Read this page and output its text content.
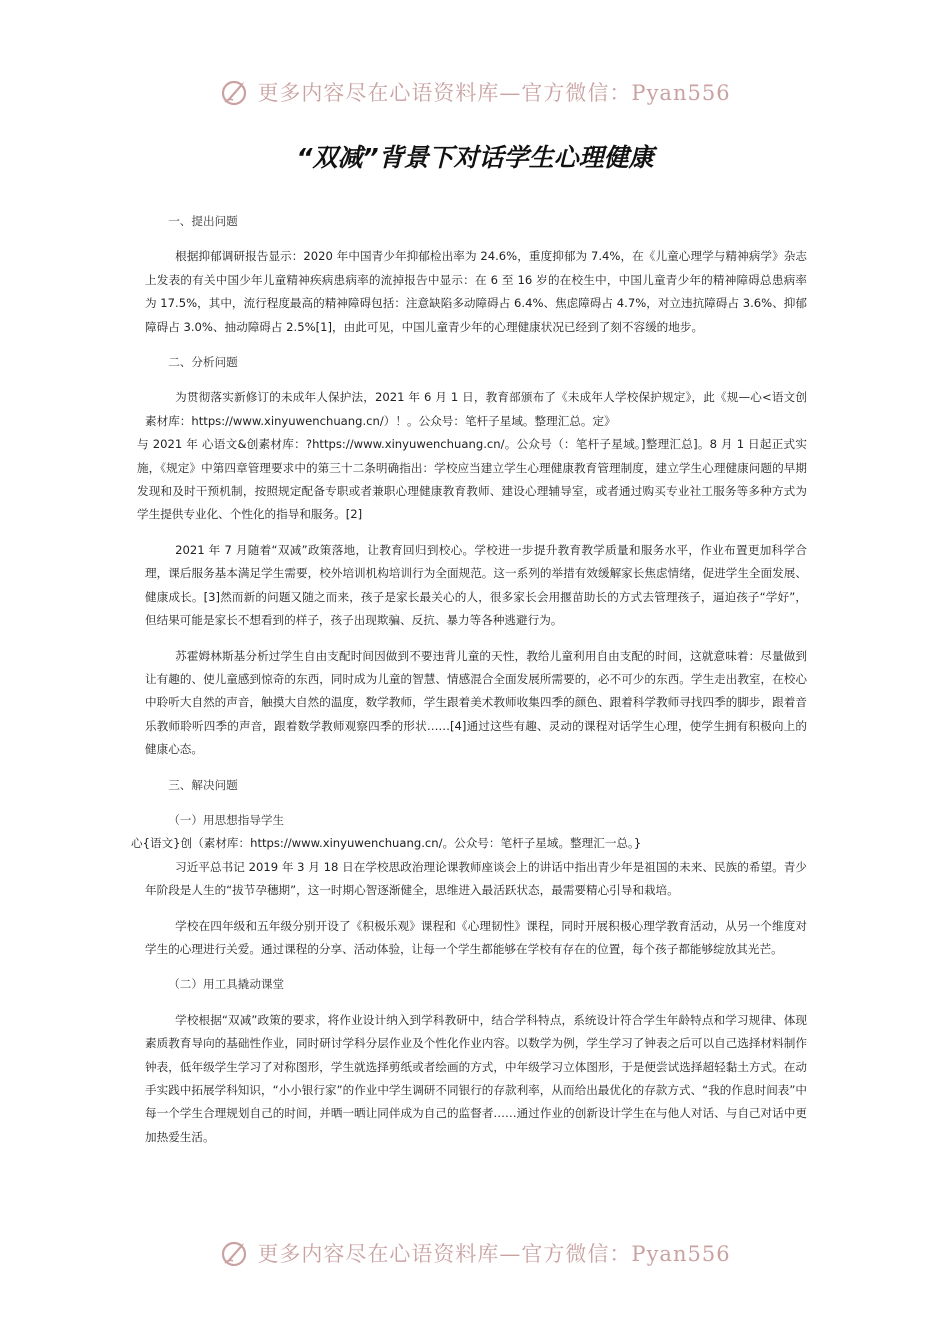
更多内容尽在心语资料库—官方微信：Pyan556
“双减”背景下对话学生心理健康

一、提出问题

根据抑郁调研报告显示：2020 年中国青少年抑郁检出率为 24.6%，重度抑郁为 7.4%，在《儿童心理学与精神病学》杂志上发表的有关中国少年儿童精神疾病患病率的流掉报告中显示：在 6 至 16 岁的在校生中，中国儿童青少年的精神障碍总患病率为 17.5%，其中，流行程度最高的精神障碍包括：注意缺陷多动障碍占 6.4%、焦虑障碍占 4.7%，对立违抗障碍占 3.6%、抑郁障碍占 3.0%、抽动障碍占 2.5%[1]，由此可见，中国儿童青少年的心理健康状况已经到了刻不容缓的地步。

二、分析问题

为贯彻落实新修订的未成年人保护法，2021 年 6 月 1 日，教育部颁布了《未成年人学校保护规定》，此《规—心<语文创素材库：https://www.xinyuwenchuang.cn/）！。公众号：笔杆子星域。整理汇总。定》

与 2021 年 心语文&创素材库：?https://www.xinyuwenchuang.cn/。公众号（：笔杆子星域。]整理汇总]。8 月 1 日起正式实施，《规定》中第四章管理要求中的第三十二条明确指出：学校应当建立学生心理健康教育管理制度，建立学生心理健康问题的早期发现和及时干预机制，按照规定配备专职或者兼职心理健康教育教师、建设心理辅导室，或者通过购买专业社工服务等多种方式为学生提供专业化、个性化的指导和服务。[2]

2021 年 7 月随着“双减”政策落地，让教育回归到校心。学校进一步提升教育教学质量和服务水平，作业布置更加科学合理，课后服务基本满足学生需要，校外培训机构培训行为全面规范。这一系列的举措有效缓解家长焦虑情绪，促进学生全面发展、健康成长。[3]然而新的问题又随之而来，孩子是家长最关心的人，很多家长会用揠苗助长的方式去管理孩子，逼迫孩子“学好”，但结果可能是家长不想看到的样子，孩子出现欺骗、反抗、暴力等各种逃避行为。

苏霍姆林斯基分析过学生自由支配时间因做到不要违背儿童的天性，教给儿童利用自由支配的时间，这就意味着：尽量做到让有趣的、使儿童感到惊奇的东西，同时成为儿童的智慧、情感混合全面发展所需要的，必不可少的东西。学生走出教室，在校心中聆听大自然的声音，触摸大自然的温度，数学教师，学生跟着美术教师收集四季的颜色、跟着科学教师寻找四季的脚步，跟着音乐教师聆听四季的声音，跟着数学教师观察四季的形状……[4]通过这些有趣、灵动的课程对话学生心理，使学生拥有积极向上的健康心态。

三、解决问题

（一）用思想指导学生

心{语文}创（素材库：https://www.xinyuwenchuang.cn/。公众号：笔杆子星域。整理汇一总。}

习近平总书记 2019 年 3 月 18 日在学校思政治理论课教师座谈会上的讲话中指出青少年是祖国的未来、民族的希望。青少年阶段是人生的“拔节孕穗期”，这一时期心智逐渐健全，思维进入最活跃状态，最需要精心引导和栽培。

学校在四年级和五年级分别开设了《积极乐观》课程和《心理韧性》课程，同时开展积极心理学教育活动，从另一个维度对学生的心理进行关爱。通过课程的分享、活动体验，让每一个学生都能够在学校有存在的位置，每个孩子都能够绽放其光芒。

（二）用工具撬动课堂

学校根据“双减”政策的要求，将作业设计纳入到学科教研中，结合学科特点，系统设计符合学生年龄特点和学习规律、体现素质教育导向的基础性作业，同时研讨学科分层作业及个性化作业内容。以数学为例，学生学习了钟表之后可以自己选择材料制作钟表，低年级学生学习了对称图形，学生就选择剪纸或者绘画的方式，中年级学习立体图形，于是便尝试选择超轻黏土方式。在动手实践中拓展学科知识，“小小银行家”的作业中学生调研不同银行的存款利率，从而给出最优化的存款方式、“我的作息时间表”中每一个学生合理规划自己的时间，并晒一晒让同伴成为自己的监督者……通过作业的创新设计学生在与他人对话、与自己对话中更加热爱生活。

更多内容尽在心语资料库—官方微信：Pyan556
